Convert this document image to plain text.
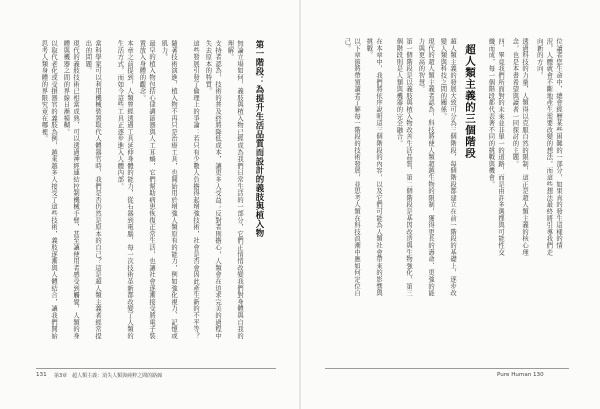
以取代老化或受損器官的義肢為例，越來越多人接受了這些技術，義肢逐漸與人體結合，讓我們開始思考人類身體的界限究竟在哪裡。	現代的義肢技術已相當成熟，可以透過神經連結控制機械手臂，甚至讓使用者感受到觸覺，人類的身體與機器之間的界線日漸模糊。	當科學家可以利用機械裝置取代人體器官時，我們是否仍然是原本的自己？這是超人類主義者經常提出的問題。	本章之前提到，人類曾經透過工具延伸身體的能力，從石器到電腦，每一次技術革新都改變了人類的生活方式，而如今這些工具正逐步進入人體內部。	最早的植入物包括心律調節器與人工耳蝸，它們幫助病患恢復正常生活，也讓社會逐漸接受將電子裝置放入身體的觀念。	隨著技術演進，植入物不再只是治療工具，也開始用於增強人類原有的能力，例如強化視力、記憶或肌力。	這些發展引發了倫理上的爭論：若只有少數人負擔得起增強技術，社會是否會因此產生新的不平等？	支持者認為，技術的普及終將降低成本，讓更多人受益；反對者則擔心，人類會在追求完美的過程中失去原本的特質。	無論立場如何，義肢與植入物已經成為我們日常生活的一部分，它們正悄悄改變我們對身體與自我的理解。	第一階段：為提升生活品質而設計的義肢與植入物
131 第3章　超人類主義：消失人類與純粹之間的路線
位讀者您生命中，總會經歷某些困難的一部分，如果真的發生這樣的情況，人體就會不斷地產生需要改變的想法，而這些想法最終將引導我們走向新的方向。
透過科技的力量，人類得以克服自然的限制，這正是超人類主義的核心理念，也是本書希望與讀者一同探討的主題。
四、畢竟我們所面對的未來並非單一的道路，而是由許多選擇與可能性交織而成，每一個階段都代表著不同的挑戰與機會。
超人類主義的三個階段
超人類主義的發展大致可分為三個階段，每個階段都建立在前一階段的基礎上，逐步改變人類與科技之間的關係。
現代的超人類主義者認為，科技將使人類超越生物的限制，獲得更長的壽命、更強的能力與更高的智慧。
第一個階段是以義肢與植入物改善生活品質，第二個階段是基因改造與生物強化，第三個階段則是人類與機器的完全融合。
在本章中，我們將依序說明這三個階段的內容，以及它們可能為人類社會帶來的影響與挑戰。
以下章節將帶領讀者了解每一階段的技術發展，並思考人類在科技浪潮中應如何定位自己。
Pure Human 130
